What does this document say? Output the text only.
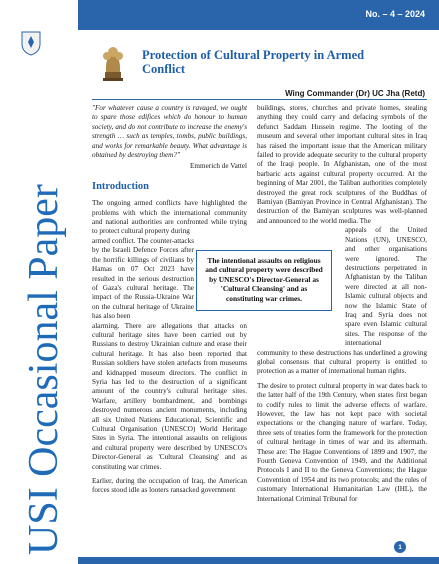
USI Occasional Paper
No. – 4 – 2024
Protection of Cultural Property in Armed Conflict
Wing Commander (Dr) UC Jha (Retd)

"For whatever cause a country is ravaged, we ought to spare those edifices which do honour to human society, and do not contribute to increase the enemy's strength … such as temples, tombs, public buildings, and works for remarkable beauty. What advantage is obtained by destroying them?"

Emmerich de Vattel

Introduction

The ongoing armed conflicts have highlighted the problems with which the international community and national authorities are confronted while trying to protect cultural property during

armed conflict. The counter-attacks by the Israeli Defence Forces after the horrific killings of civilians by Hamas on 07 Oct 2023 have resulted in the serious destruction of Gaza's cultural heritage. The impact of the Russia-Ukraine War on the cultural heritage of Ukraine has also been

alarming. There are allegations that attacks on cultural heritage sites have been carried out by Russians to destroy Ukrainian culture and erase their cultural heritage. It has also been reported that Russian soldiers have stolen artefacts from museums and kidnapped museum directors. The conflict in Syria has led to the destruction of a significant amount of the country's cultural heritage sites. Warfare, artillery bombardment, and bombings destroyed numerous ancient monuments, including all six United Nations Educational, Scientific and Cultural Organisation (UNESCO) World Heritage Sites in Syria. The intentional assaults on religious and cultural property were described by UNESCO's Director-General as 'Cultural Cleansing' and as constituting war crimes.

Earlier, during the occupation of Iraq, the American forces stood idle as looters ransacked government

buildings, stores, churches and private homes, stealing anything they could carry and defacing symbols of the defunct Saddam Hussein regime. The looting of the museum and several other important cultural sites in Iraq has raised the important issue that the American military failed to provide adequate security to the cultural property of the Iraqi people. In Afghanistan, one of the most barbaric acts against cultural property occurred. At the beginning of Mar 2001, the Taliban authorities completely destroyed the great rock sculptures of the Buddhas of Bamiyan (Bamiyan Province in Central Afghanistan). The destruction of the Bamiyan sculptures was well-planned and announced to the world media. The

appeals of the United Nations (UN), UNESCO, and other organisations were ignored. The destructions perpetrated in Afghanistan by the Taliban were directed at all non-Islamic cultural objects and now the Islamic State of Iraq and Syria does not spare even Islamic cultural sites. The response of the international

community to these destructions has underlined a growing global consensus that cultural property is entitled to protection as a matter of international human rights.

The desire to protect cultural property in war dates back to the latter half of the 19th Century, when states first began to codify rules to limit the adverse effects of warfare. However, the law has not kept pace with societal expectations or the changing nature of warfare. Today, three sets of treaties form the framework for the protection of cultural heritage in times of war and its aftermath. These are: The Hague Conventions of 1899 and 1907, the Fourth Geneva Convention of 1949, and the Additional Protocols I and II to the Geneva Conventions; the Hague Convention of 1954 and its two protocols; and the rules of customary International Humanitarian Law (IHL), the International Criminal Tribunal for

The intentional assaults on religious and cultural property were described by UNESCO's Director-General as 'Cultural Cleansing' and as constituting war crimes.
1
